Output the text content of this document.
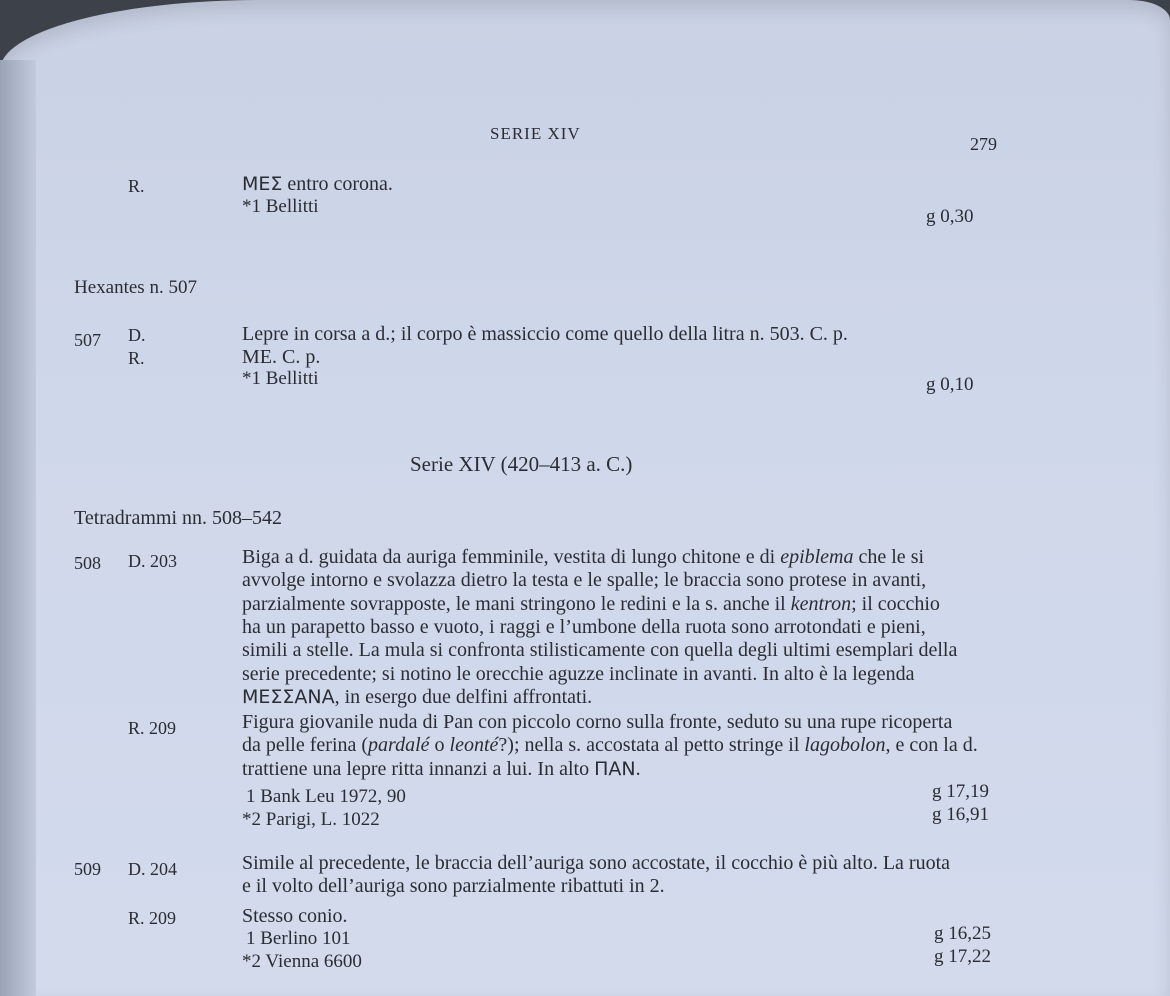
SERIE XIV
279
R.	ΜΕΣ entro corona.
*1 Bellitti	g 0,30
Hexantes n. 507
507 D.	Lepre in corsa a d.; il corpo è massiccio come quello della litra n. 503. C. p.
R.	ΜΕ. C. p.
*1 Bellitti	g 0,10
Serie XIV (420–413 a. C.)
Tetradrammi nn. 508–542
508 D. 203	Biga a d. guidata da auriga femminile, vestita di lungo chitone e di epiblema che le si
avvolge intorno e svolazza dietro la testa e le spalle; le braccia sono protese in avanti,
parzialmente sovrapposte, le mani stringono le redini e la s. anche il kentron; il cocchio
ha un parapetto basso e vuoto, i raggi e l’umbone della ruota sono arrotondati e pieni,
simili a stelle. La mula si confronta stilisticamente con quella degli ultimi esemplari della
serie precedente; si notino le orecchie aguzze inclinate in avanti. In alto è la legenda
ΜΕΣΣΑΝΑ, in esergo due delfini affrontati.
R. 209	Figura giovanile nuda di Pan con piccolo corno sulla fronte, seduto su una rupe ricoperta
da pelle ferina (pardalé o leonté?); nella s. accostata al petto stringe il lagobolon, e con la d.
trattiene una lepre ritta innanzi a lui. In alto ΠΑΝ.
1 Bank Leu 1972, 90	g 17,19
*2 Parigi, L. 1022	g 16,91
509 D. 204	Simile al precedente, le braccia dell’auriga sono accostate, il cocchio è più alto. La ruota
e il volto dell’auriga sono parzialmente ribattuti in 2.
R. 209	Stesso conio.
1 Berlino 101	g 16,25
*2 Vienna 6600	g 17,22
